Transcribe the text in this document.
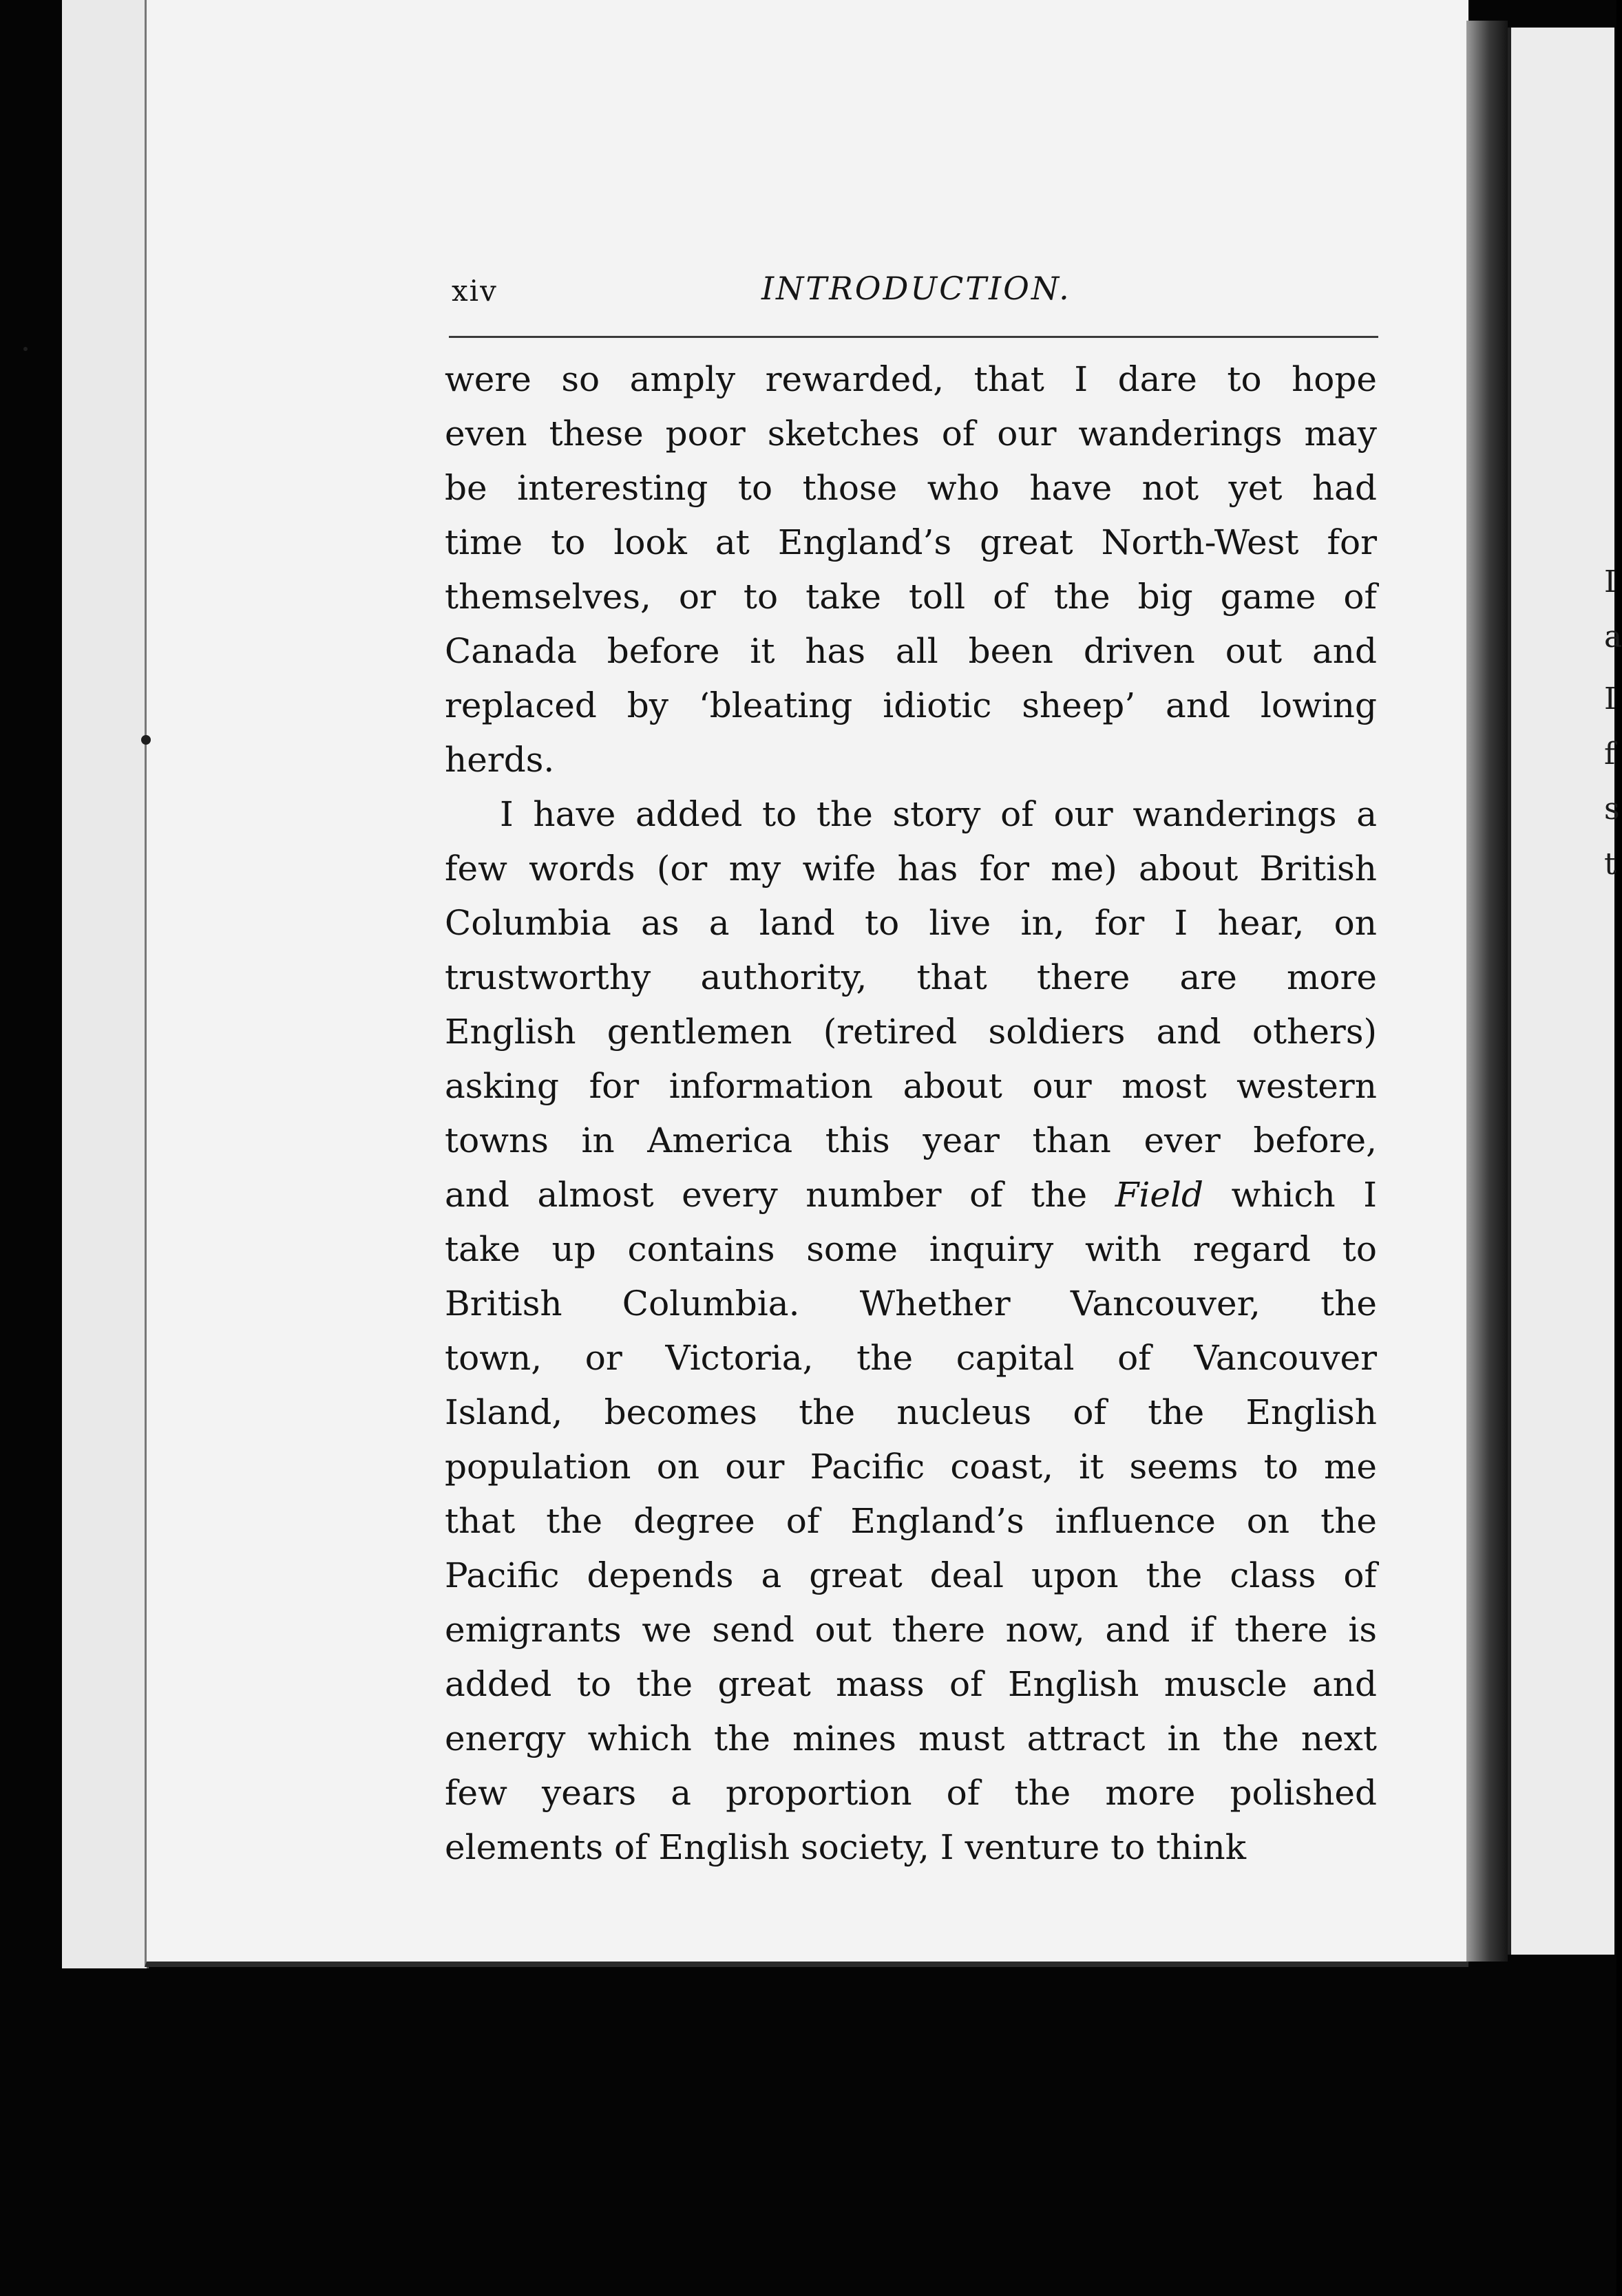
I
a
I
f
s
t
xiv	INTRODUCTION.
were so amply rewarded, that I dare to hope
even these poor sketches of our wanderings may
be interesting to those who have not yet had
time to look at England’s great North-West for
themselves, or to take toll of the big game of
Canada before it has all been driven out and
replaced by ‘bleating idiotic sheep’ and lowing
herds.
I have added to the story of our wanderings a
few words (or my wife has for me) about British
Columbia as a land to live in, for I hear, on
trustworthy authority, that there are more
English gentlemen (retired soldiers and others)
asking for information about our most western
towns in America this year than ever before,
and almost every number of the Field which I
take up contains some inquiry with regard to
British Columbia. Whether Vancouver, the
town, or Victoria, the capital of Vancouver
Island, becomes the nucleus of the English
population on our Pacific coast, it seems to me
that the degree of England’s influence on the
Pacific depends a great deal upon the class of
emigrants we send out there now, and if there is
added to the great mass of English muscle and
energy which the mines must attract in the next
few years a proportion of the more polished
elements of English society, I venture to think
